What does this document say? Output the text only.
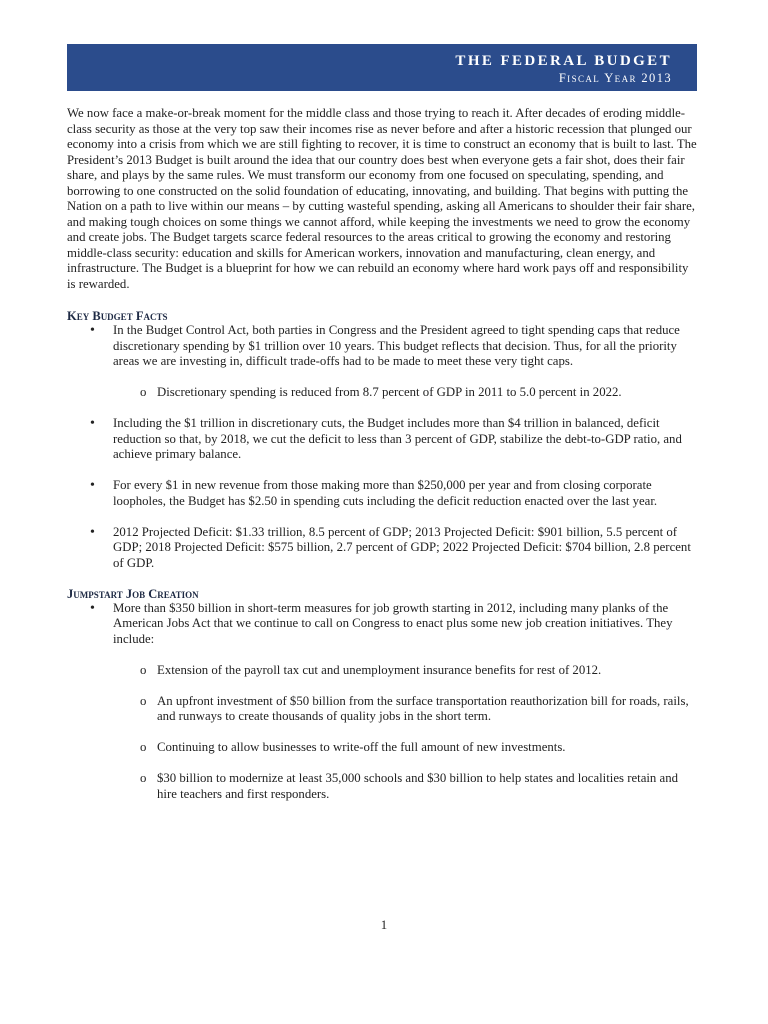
THE FEDERAL BUDGET
Fiscal Year 2013

We now face a make-or-break moment for the middle class and those trying to reach it. After decades of eroding middle-class security as those at the very top saw their incomes rise as never before and after a historic recession that plunged our economy into a crisis from which we are still fighting to recover, it is time to construct an economy that is built to last. The President’s 2013 Budget is built around the idea that our country does best when everyone gets a fair shot, does their fair share, and plays by the same rules. We must transform our economy from one focused on speculating, spending, and borrowing to one constructed on the solid foundation of educating, innovating, and building. That begins with putting the Nation on a path to live within our means – by cutting wasteful spending, asking all Americans to shoulder their fair share, and making tough choices on some things we cannot afford, while keeping the investments we need to grow the economy and create jobs. The Budget targets scarce federal resources to the areas critical to growing the economy and restoring middle-class security: education and skills for American workers, innovation and manufacturing, clean energy, and infrastructure. The Budget is a blueprint for how we can rebuild an economy where hard work pays off and responsibility is rewarded.

Key Budget Facts
• In the Budget Control Act, both parties in Congress and the President agreed to tight spending caps that reduce discretionary spending by $1 trillion over 10 years. This budget reflects that decision. Thus, for all the priority areas we are investing in, difficult trade-offs had to be made to meet these very tight caps.
o Discretionary spending is reduced from 8.7 percent of GDP in 2011 to 5.0 percent in 2022.
• Including the $1 trillion in discretionary cuts, the Budget includes more than $4 trillion in balanced, deficit reduction so that, by 2018, we cut the deficit to less than 3 percent of GDP, stabilize the debt-to-GDP ratio, and achieve primary balance.
• For every $1 in new revenue from those making more than $250,000 per year and from closing corporate loopholes, the Budget has $2.50 in spending cuts including the deficit reduction enacted over the last year.
• 2012 Projected Deficit: $1.33 trillion, 8.5 percent of GDP; 2013 Projected Deficit: $901 billion, 5.5 percent of GDP; 2018 Projected Deficit: $575 billion, 2.7 percent of GDP; 2022 Projected Deficit: $704 billion, 2.8 percent of GDP.
Jumpstart Job Creation
• More than $350 billion in short-term measures for job growth starting in 2012, including many planks of the American Jobs Act that we continue to call on Congress to enact plus some new job creation initiatives. They include:
o Extension of the payroll tax cut and unemployment insurance benefits for rest of 2012.
o An upfront investment of $50 billion from the surface transportation reauthorization bill for roads, rails, and runways to create thousands of quality jobs in the short term.
o Continuing to allow businesses to write-off the full amount of new investments.
o $30 billion to modernize at least 35,000 schools and $30 billion to help states and localities retain and hire teachers and first responders.
1
